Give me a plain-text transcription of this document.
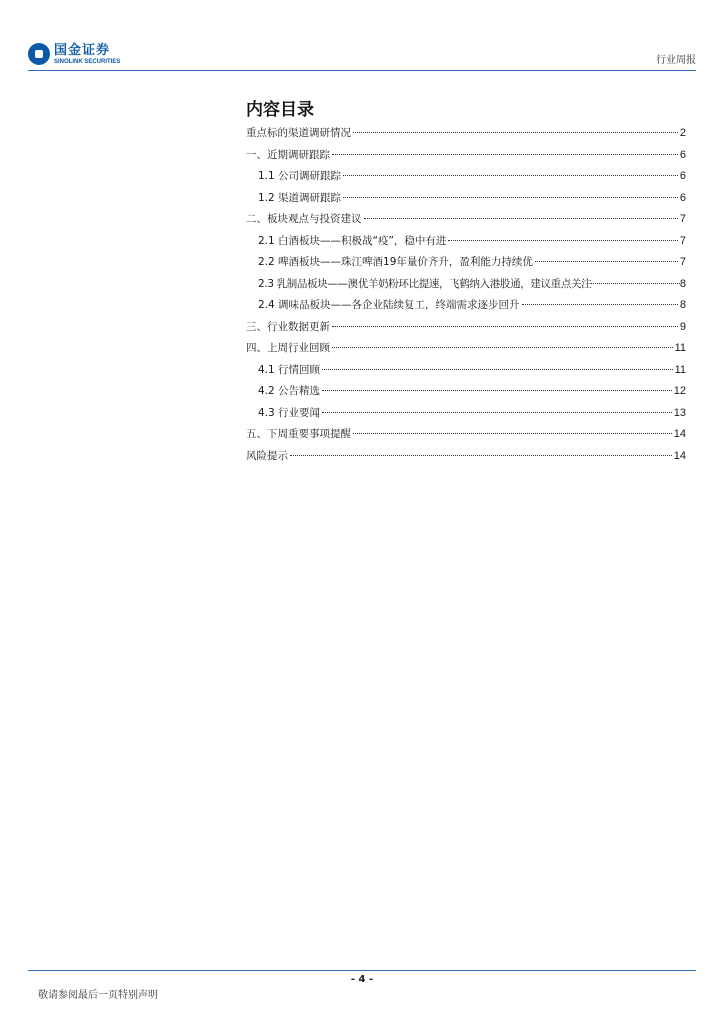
国金证券
SINOLINK SECURITIES	行业周报
内容目录
重点标的渠道调研情况	2
一、近期调研跟踪	6
1.1 公司调研跟踪	6
1.2 渠道调研跟踪	6
二、板块观点与投资建议	7
2.1 白酒板块——积极战“疫”，稳中有进	7
2.2 啤酒板块——珠江啤酒19年量价齐升，盈利能力持续优	7
2.3 乳制品板块——澳优羊奶粉环比提速，飞鹤纳入港股通，建议重点关注	8
2.4 调味品板块——各企业陆续复工，终端需求逐步回升	8
三、行业数据更新	9
四、上周行业回顾	11
4.1 行情回顾	11
4.2 公告精选	12
4.3 行业要闻	13
五、下周重要事项提醒	14
风险提示	14
- 4 -
敬请参阅最后一页特别声明
